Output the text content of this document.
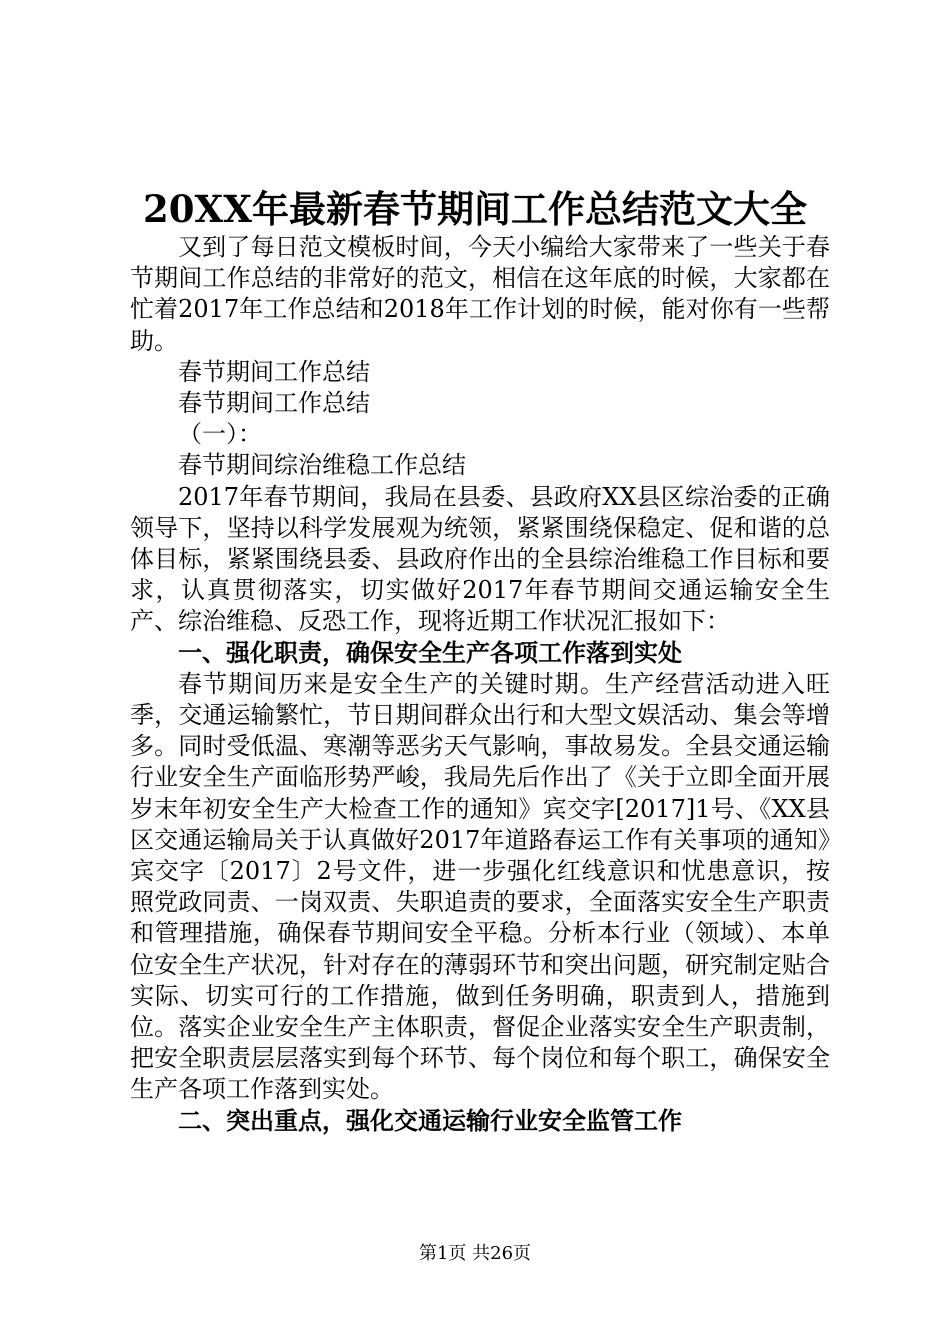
20XX年最新春节期间工作总结范文大全

又到了每日范文模板时间，今天小编给大家带来了一些关于春节期间工作总结的非常好的范文，相信在这年底的时候，大家都在忙着2017年工作总结和2018年工作计划的时候，能对你有一些帮助。

春节期间工作总结

春节期间工作总结

（一）：

春节期间综治维稳工作总结

2017年春节期间，我局在县委、县政府XX县区综治委的正确领导下，坚持以科学发展观为统领，紧紧围绕保稳定、促和谐的总体目标，紧紧围绕县委、县政府作出的全县综治维稳工作目标和要求，认真贯彻落实，切实做好2017年春节期间交通运输安全生产、综治维稳、反恐工作，现将近期工作状况汇报如下：

一、强化职责，确保安全生产各项工作落到实处

春节期间历来是安全生产的关键时期。生产经营活动进入旺季，交通运输繁忙，节日期间群众出行和大型文娱活动、集会等增多。同时受低温、寒潮等恶劣天气影响，事故易发。全县交通运输行业安全生产面临形势严峻，我局先后作出了《关于立即全面开展岁末年初安全生产大检查工作的通知》宾交字[2017]1号、《XX县区交通运输局关于认真做好2017年道路春运工作有关事项的通知》宾交字〔2017〕2号文件，进一步强化红线意识和忧患意识，按照党政同责、一岗双责、失职追责的要求，全面落实安全生产职责和管理措施，确保春节期间安全平稳。分析本行业（领域）、本单位安全生产状况，针对存在的薄弱环节和突出问题，研究制定贴合实际、切实可行的工作措施，做到任务明确，职责到人，措施到位。落实企业安全生产主体职责，督促企业落实安全生产职责制，把安全职责层层落实到每个环节、每个岗位和每个职工，确保安全生产各项工作落到实处。

二、突出重点，强化交通运输行业安全监管工作

第1页 共26页
